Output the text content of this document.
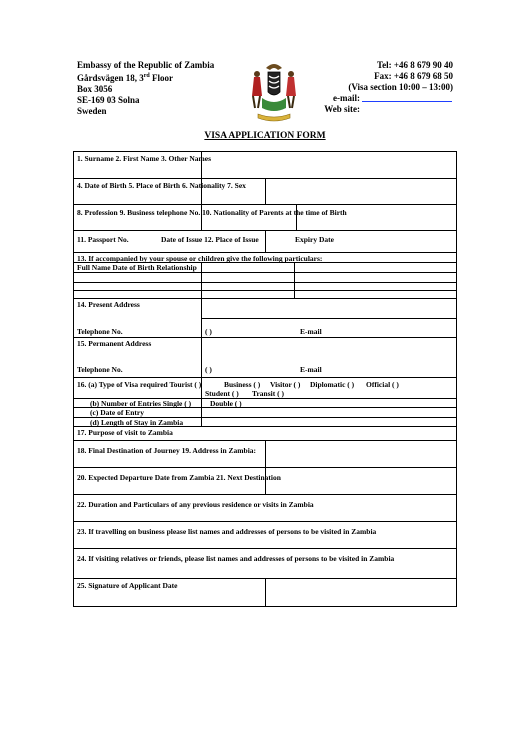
Embassy of the Republic of Zambia
Gårdsvägen 18, 3rd Floor
Box 3056
SE-169 03 Solna
Sweden
Tel: +46 8 679 90 40
Fax: +46 8 679 68 50
(Visa section 10:00 – 13:00)
e-mail:
Web site:
VISA APPLICATION FORM
1. Surname 2. First Name 3. Other Names
4. Date of Birth 5. Place of Birth 6. Nationality 7. Sex
8. Profession 9. Business telephone No. 10. Nationality of Parents at the time of Birth
11. Passport No.	Date of Issue 12. Place of Issue	Expiry Date
13. If accompanied by your spouse or children give the following particulars:
Full Name Date of Birth Relationship
14. Present Address
Telephone No.	( )	E-mail
15. Permanent Address
Telephone No.	( )	E-mail
16. (a) Type of Visa required Tourist ( )	Business ( ) Visitor ( ) Diplomatic ( ) Official ( )
Student ( ) Transit ( )
(b) Number of Entries Single ( )	Double ( )
(c) Date of Entry
(d) Length of Stay in Zambia
17. Purpose of visit to Zambia
18. Final Destination of Journey 19. Address in Zambia:
20. Expected Departure Date from Zambia 21. Next Destination
22. Duration and Particulars of any previous residence or visits in Zambia
23. If travelling on business please list names and addresses of persons to be visited in Zambia
24. If visiting relatives or friends, please list names and addresses of persons to be visited in Zambia
25. Signature of Applicant Date
